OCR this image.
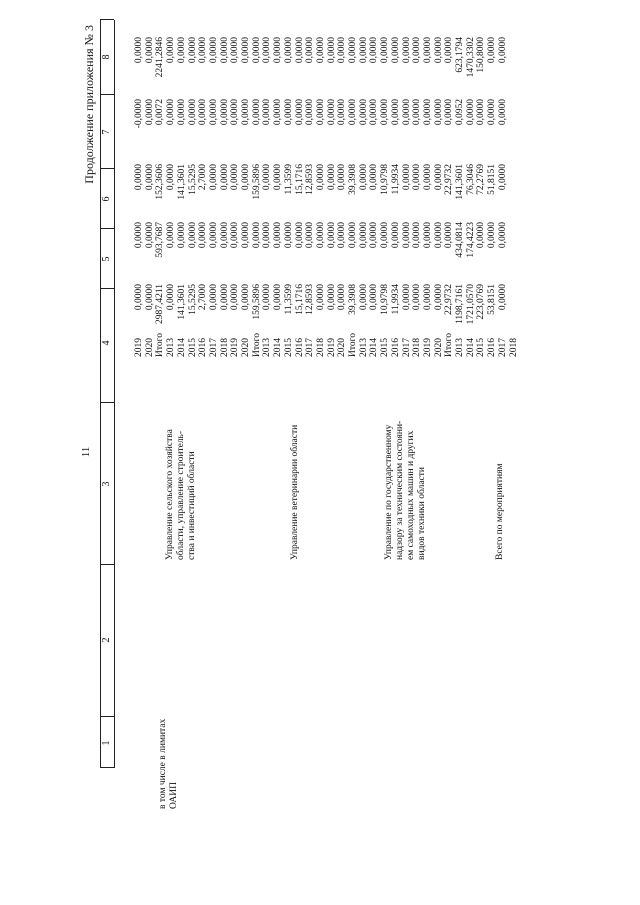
11
Продолжение приложения № 3
1
2
3
4
5
6
7
8
в том числе в лимитах ОАИП
Управление сельского хозяйства области, управление строитель- ства и инвестиций области
2019
0,0000
0,0000
0,0000
-0,0000
0,0000
2020
0,0000
0,0000
0,0000
0,0000
0,0000
Итого
2987,4211
593,7687
152,3606
0,0072
2241,2846
2013
0,0000
0,0000
0,0000
0,0000
0,0000
2014
141,3601
0,0000
141,3601
0,0000
0,0000
2015
15,5295
0,0000
15,5295
0,0000
0,0000
2016
2,7000
0,0000
2,7000
0,0000
0,0000
2017
0,0000
0,0000
0,0000
0,0000
0,0000
2018
0,0000
0,0000
0,0000
0,0000
0,0000
2019
0,0000
0,0000
0,0000
0,0000
0,0000
2020
0,0000
0,0000
0,0000
0,0000
0,0000
Управление ветеринарии области
Итого
159,5896
0,0000
159,5896
0,0000
0,0000
2013
0,0000
0,0000
0,0000
0,0000
0,0000
2014
0,0000
0,0000
0,0000
0,0000
0,0000
2015
11,3599
0,0000
11,3599
0,0000
0,0000
2016
15,1716
0,0000
15,1716
0,0000
0,0000
2017
12,8593
0,0000
12,8593
0,0000
0,0000
2018
0,0000
0,0000
0,0000
0,0000
0,0000
2019
0,0000
0,0000
0,0000
0,0000
0,0000
2020
0,0000
0,0000
0,0000
0,0000
0,0000
Управление по государственному надзору за техническим состояни- ем самоходных машин и других видов техники области
Итого
39,3908
0,0000
39,3908
0,0000
0,0000
2013
0,0000
0,0000
0,0000
0,0000
0,0000
2014
0,0000
0,0000
0,0000
0,0000
0,0000
2015
10,9798
0,0000
10,9798
0,0000
0,0000
2016
11,9934
0,0000
11,9934
0,0000
0,0000
2017
0,0000
0,0000
0,0000
0,0000
0,0000
2018
0,0000
0,0000
0,0000
0,0000
0,0000
2019
0,0000
0,0000
0,0000
0,0000
0,0000
2020
0,0000
0,0000
0,0000
0,0000
0,0000
Всего по мероприятиям
Итого
22,9732
0,0000
22,9732
0,0000
0,0000
2013
1198,7161
434,0814
141,3601
0,0952
623,1794
2014
1721,0570
174,4223
76,3046
0,0000
1470,3302
2015
223,0769
0,0000
72,2769
0,0000
150,8000
2016
53,8151
0,0000
51,8151
0,0000
0,0000
2017
0,0000
0,0000
0,0000
0,0000
0,0000
2018
